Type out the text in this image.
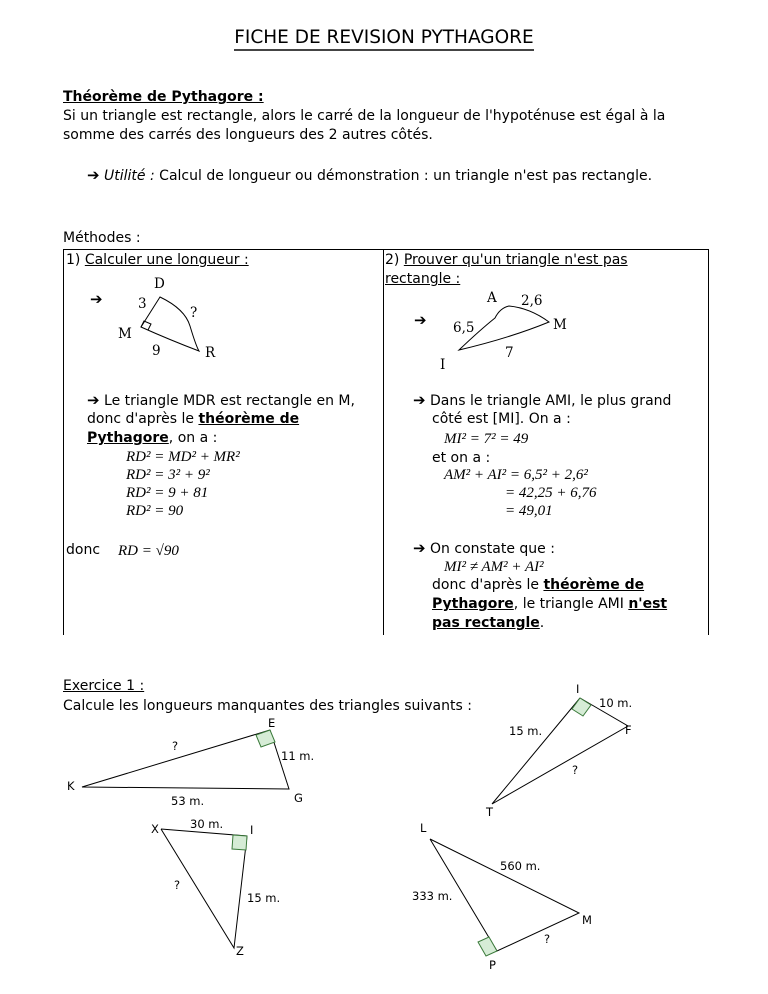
FICHE DE REVISION PYTHAGORE
Théorème de Pythagore :
Si un triangle est rectangle, alors le carré de la longueur de l'hypoténuse est égal à la
somme des carrés des longueurs des 2 autres côtés.
➔ Utilité : Calcul de longueur ou démonstration : un triangle n'est pas rectangle.
Méthodes :
1) Calculer une longueur :
➔
D
3
?
M
9	R
➔ Le triangle MDR est rectangle en M,
donc d'après le théorème de
Pythagore, on a :
RD² = MD² + MR²
RD² = 3² + 9²
RD² = 9 + 81
RD² = 90
donc RD = √90
2) Prouver qu'un triangle n'est pas
rectangle :
➔
A 2,6
6,5	M
7
I
➔ Dans le triangle AMI, le plus grand
côté est [MI]. On a :
MI² = 7² = 49
et on a :
AM² + AI² = 6,5² + 2,6²
= 42,25 + 6,76
= 49,01
➔ On constate que :
MI² ≠ AM² + AI²
donc d'après le théorème de
Pythagore, le triangle AMI n'est
pas rectangle.
Exercice 1 :
Calcule les longueurs manquantes des triangles suivants :
E
?
11 m.
K
G
53 m.
I
10 m.
15 m.	F
?
T
30 m.
X	I
?
15 m.
Z
L
560 m.
333 m.
M
?
P
